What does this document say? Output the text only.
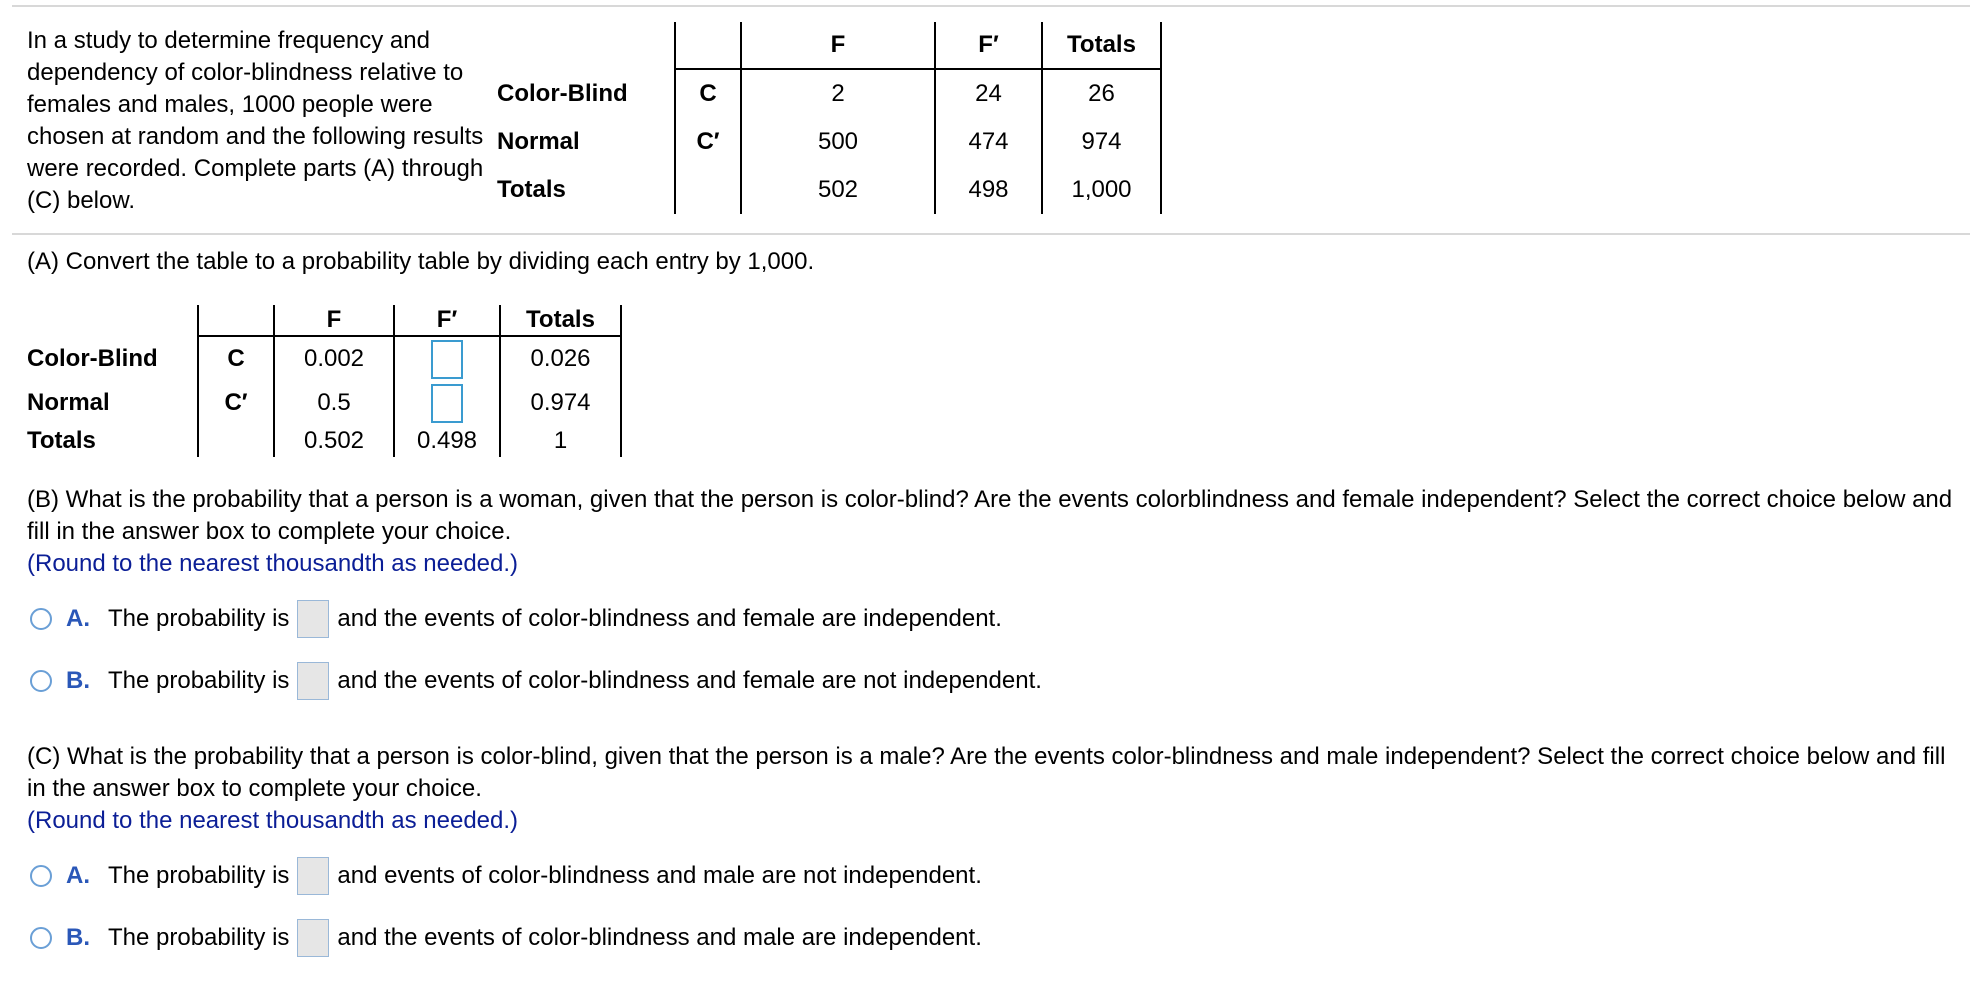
In a study to determine frequency and dependency of color-blindness relative to females and males, 1000 people were chosen at random and the following results were recorded. Complete parts (A) through (C) below.
		F	F′	Totals
Color-Blind	C	2	24	26
Normal	C′	500	474	974
Totals		502	498	1,000
(A) Convert the table to a probability table by dividing each entry by 1,000.
		F	F′	Totals
Color-Blind	C	0.002		0.026
Normal	C′	0.5		0.974
Totals		0.502	0.498	1
(B) What is the probability that a person is a woman, given that the person is color-blind? Are the events colorblindness and female independent? Select the correct choice below and fill in the answer box to complete your choice.
(Round to the nearest thousandth as needed.)
A. The probability is and the events of color-blindness and female are independent.
B. The probability is and the events of color-blindness and female are not independent.
(C) What is the probability that a person is color-blind, given that the person is a male? Are the events color-blindness and male independent? Select the correct choice below and fill in the answer box to complete your choice.
(Round to the nearest thousandth as needed.)
A. The probability is and events of color-blindness and male are not independent.
B. The probability is and the events of color-blindness and male are independent.
